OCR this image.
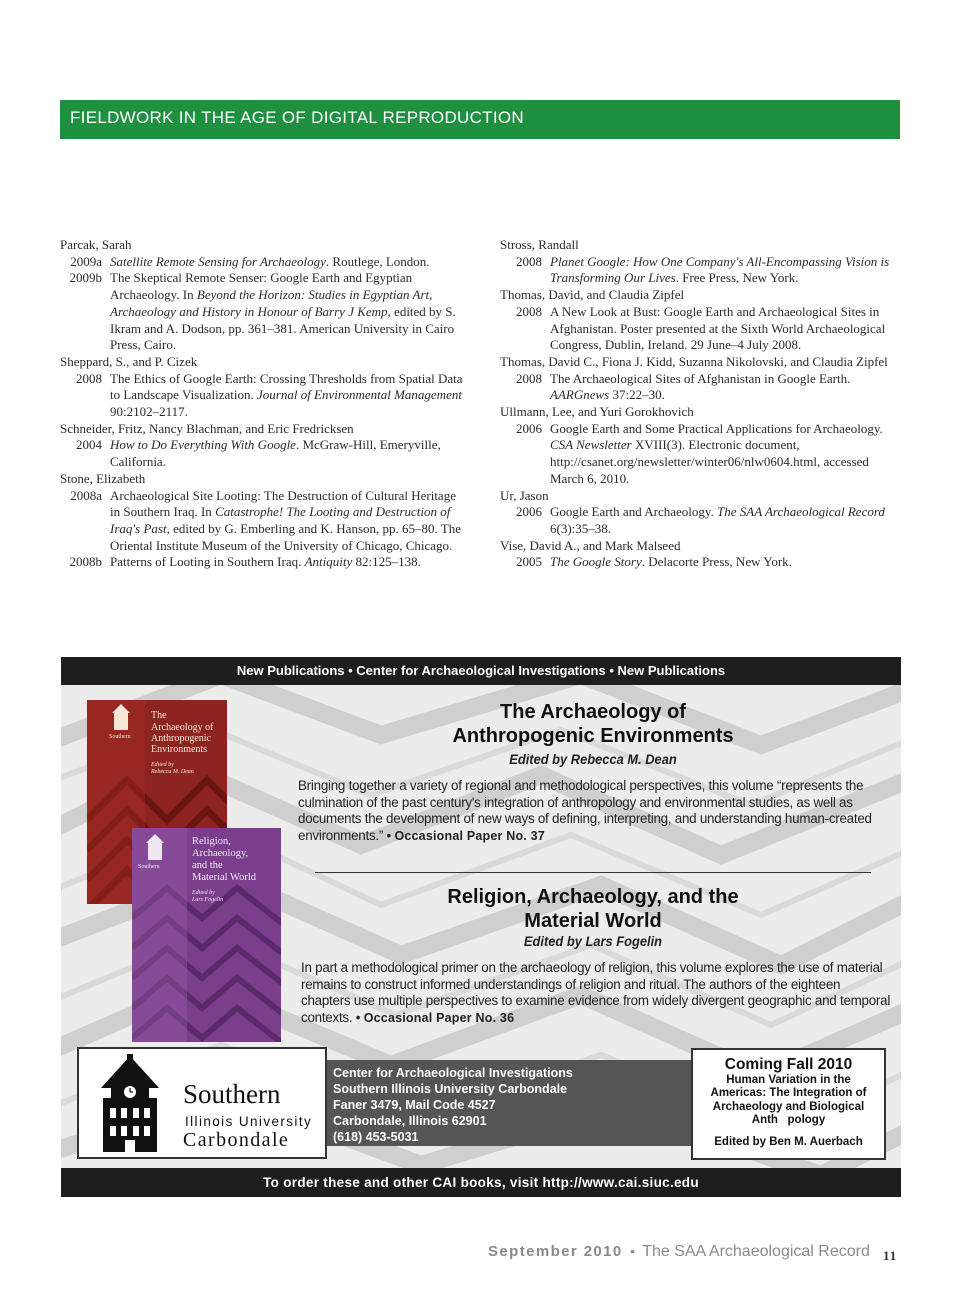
FIELDWORK IN THE AGE OF DIGITAL REPRODUCTION
Parcak, Sarah
2009a Satellite Remote Sensing for Archaeology. Routlege, London.
2009b The Skeptical Remote Senser: Google Earth and Egyptian Archaeology. In Beyond the Horizon: Studies in Egyptian Art, Archaeology and History in Honour of Barry J Kemp, edited by S. Ikram and A. Dodson, pp. 361–381. American University in Cairo Press, Cairo.
Sheppard, S., and P. Cizek
2008 The Ethics of Google Earth: Crossing Thresholds from Spatial Data to Landscape Visualization. Journal of Environmental Management 90:2102–2117.
Schneider, Fritz, Nancy Blachman, and Eric Fredricksen
2004 How to Do Everything With Google. McGraw-Hill, Emeryville, California.
Stone, Elizabeth
2008a Archaeological Site Looting: The Destruction of Cultural Heritage in Southern Iraq. In Catastrophe! The Looting and Destruction of Iraq's Past, edited by G. Emberling and K. Hanson, pp. 65–80. The Oriental Institute Museum of the University of Chicago, Chicago.
2008b Patterns of Looting in Southern Iraq. Antiquity 82:125–138.
Stross, Randall
2008 Planet Google: How One Company's All-Encompassing Vision is Transforming Our Lives. Free Press, New York.
Thomas, David, and Claudia Zipfel
2008 A New Look at Bust: Google Earth and Archaeological Sites in Afghanistan. Poster presented at the Sixth World Archaeological Congress, Dublin, Ireland. 29 June–4 July 2008.
Thomas, David C., Fiona J. Kidd, Suzanna Nikolovski, and Claudia Zipfel
2008 The Archaeological Sites of Afghanistan in Google Earth. AARGnews 37:22–30.
Ullmann, Lee, and Yuri Gorokhovich
2006 Google Earth and Some Practical Applications for Archaeology. CSA Newsletter XVIII(3). Electronic document, http://csanet.org/newsletter/winter06/nlw0604.html, accessed March 6, 2010.
Ur, Jason
2006 Google Earth and Archaeology. The SAA Archaeological Record 6(3):35–38.
Vise, David A., and Mark Malseed
2005 The Google Story. Delacorte Press, New York.
New Publications • Center for Archaeological Investigations • New Publications
Southern
The
Archaeology of
Anthropogenic
Environments
Edited by
Rebecca M. Dean
Southern
Religion,
Archaeology,
and the
Material World
Edited by
Lars Fogelin
The Archaeology of
Anthropogenic Environments
Edited by Rebecca M. Dean
Bringing together a variety of regional and methodological perspectives, this volume “represents the culmination of the past century's integration of anthropology and environmental studies, as well as documents the development of new ways of defining, interpreting, and understanding human-created environments.” • Occasional Paper No. 37
Religion, Archaeology, and the
Material World
Edited by Lars Fogelin
In part a methodological primer on the archaeology of religion, this volume explores the use of material remains to construct informed understandings of religion and ritual. The authors of the eighteen chapters use multiple perspectives to examine evidence from widely divergent geographic and temporal contexts. • Occasional Paper No. 36
Southern
Illinois University
Carbondale
Center for Archaeological Investigations
Southern Illinois University Carbondale
Faner 3479, Mail Code 4527
Carbondale, Illinois 62901
(618) 453-5031
Coming Fall 2010
Human Variation in the
Americas: The Integration of
Archaeology and Biological
Anth   pology
Edited by Ben M. Auerbach
To order these and other CAI books, visit http://www.cai.siuc.edu
September 2010 • The SAA Archaeological Record 11
